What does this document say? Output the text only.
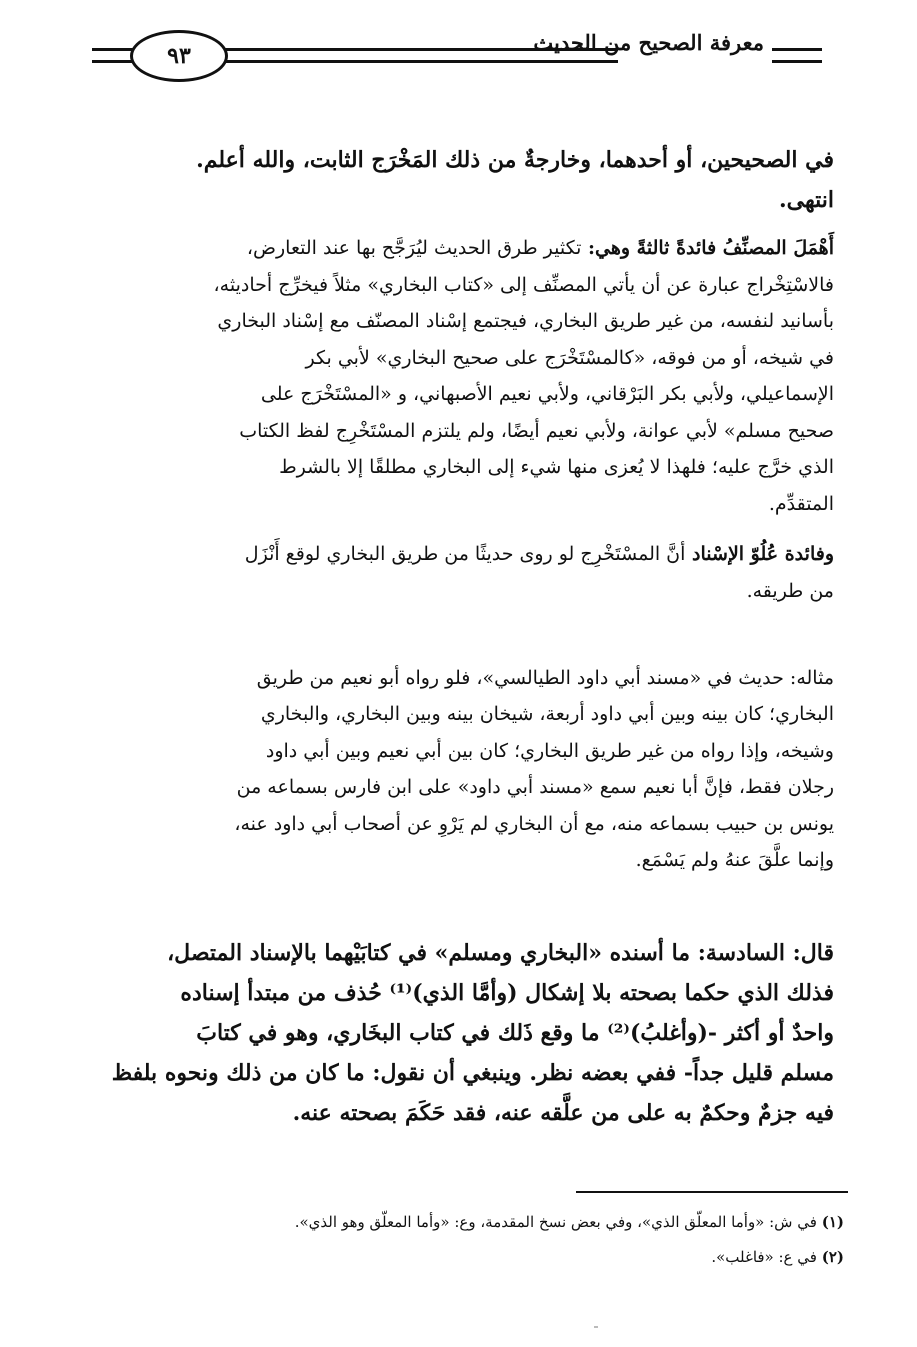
٩٣
معرفة الصحيح من الحديث

في الصحيحين، أو أحدهما، وخارجةٌ من ذلك المَخْرَج الثابت، والله أعلم.
انتهى.

أَهْمَلَ المصنِّفُ فائدةً ثالثةً وهي: تكثير طرق الحديث ليُرَجَّح بها عند التعارض،
فالاسْتِخْراج عبارة عن أن يأتي المصنِّف إلى «كتاب البخاري» مثلاً فيخرِّج أحاديثه،
بأسانيد لنفسه، من غير طريق البخاري، فيجتمع إسْناد المصنّف مع إسْناد البخاري
في شيخه، أو من فوقه، «كالمسْتَخْرَج على صحيح البخاري» لأبي بكر
الإسماعيلي، ولأبي بكر البَرْقاني، ولأبي نعيم الأصبهاني، و «المسْتَخْرَج على
صحيح مسلم» لأبي عوانة، ولأبي نعيم أيضًا، ولم يلتزم المسْتَخْرِج لفظ الكتاب
الذي خرَّج عليه؛ فلهذا لا يُعزى منها شيء إلى البخاري مطلقًا إلا بالشرط
المتقدِّم.

وفائدة عُلُوّ الإسْناد أنَّ المسْتَخْرِج لو روى حديثًا من طريق البخاري لوقع أَنْزَل
من طريقه.

مثاله: حديث في «مسند أبي داود الطيالسي»، فلو رواه أبو نعيم من طريق
البخاري؛ كان بينه وبين أبي داود أربعة، شيخان بينه وبين البخاري، والبخاري
وشيخه، وإذا رواه من غير طريق البخاري؛ كان بين أبي نعيم وبين أبي داود
رجلان فقط، فإنَّ أبا نعيم سمع «مسند أبي داود» على ابن فارس بسماعه من
يونس بن حبيب بسماعه منه، مع أن البخاري لم يَرْوِ عن أصحاب أبي داود عنه،
وإنما علَّقَ عنهُ ولم يَسْمَع.

قال: السادسة: ما أسنده «البخاري ومسلم» في كتابَيْهما بالإسناد المتصل،
فذلك الذي حكما بصحته بلا إشكال (وأمَّا الذي)⁽¹⁾ حُذف من مبتدأ إسناده
واحدٌ أو أكثر -(وأغلبُ)⁽²⁾ ما وقع ذَلك في كتاب البخَاري، وهو في كتابَ
مسلم قليل جداً- ففي بعضه نظر. وينبغي أن نقول: ما كان من ذلك ونحوه بلفظ
فيه جزمٌ وحكمٌ به على من علَّقه عنه، فقد حَكَمَ بصحته عنه.

(١) في ش: «وأما المعلّق الذي»، وفي بعض نسخ المقدمة، وع: «وأما المعلّق وهو الذي».

(٢) في ع: «فاغلب».
